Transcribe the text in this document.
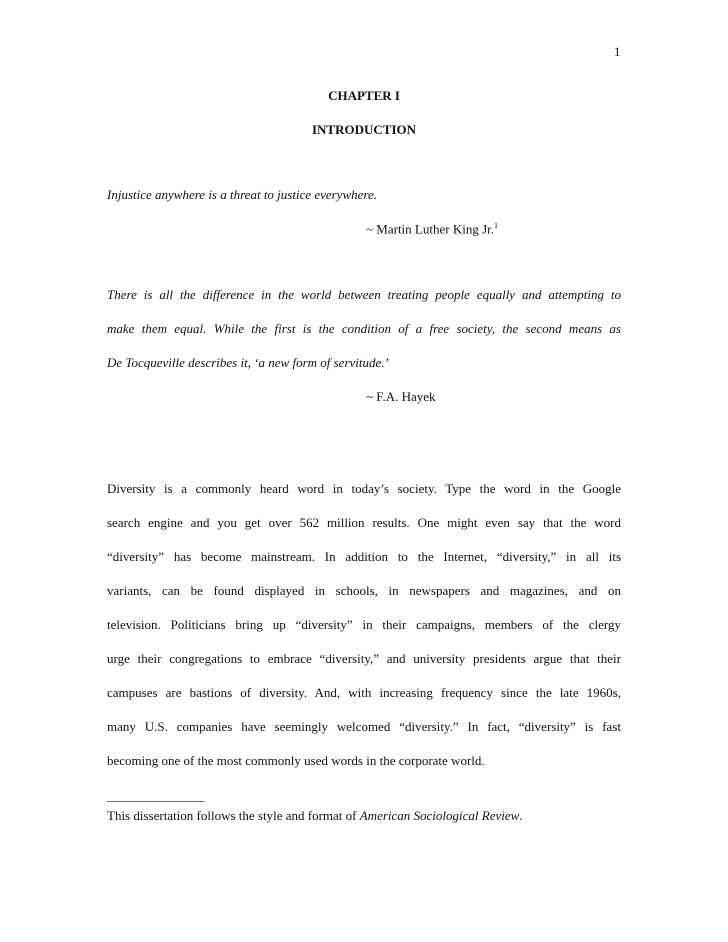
1
CHAPTER I
INTRODUCTION
Injustice anywhere is a threat to justice everywhere.
~ Martin Luther King Jr.$^1$
There is all the difference in the world between treating people equally and attempting to
make them equal. While the first is the condition of a free society, the second means as
De Tocqueville describes it, ‘a new form of servitude.’
~ F.A. Hayek
Diversity is a commonly heard word in today’s society. Type the word in the Google
search engine and you get over 562 million results. One might even say that the word
“diversity” has become mainstream. In addition to the Internet, “diversity,” in all its
variants, can be found displayed in schools, in newspapers and magazines, and on
television. Politicians bring up “diversity” in their campaigns, members of the clergy
urge their congregations to embrace “diversity,” and university presidents argue that their
campuses are bastions of diversity. And, with increasing frequency since the late 1960s,
many U.S. companies have seemingly welcomed “diversity.” In fact, “diversity” is fast
becoming one of the most commonly used words in the corporate world.
_______________
This dissertation follows the style and format of American Sociological Review.
